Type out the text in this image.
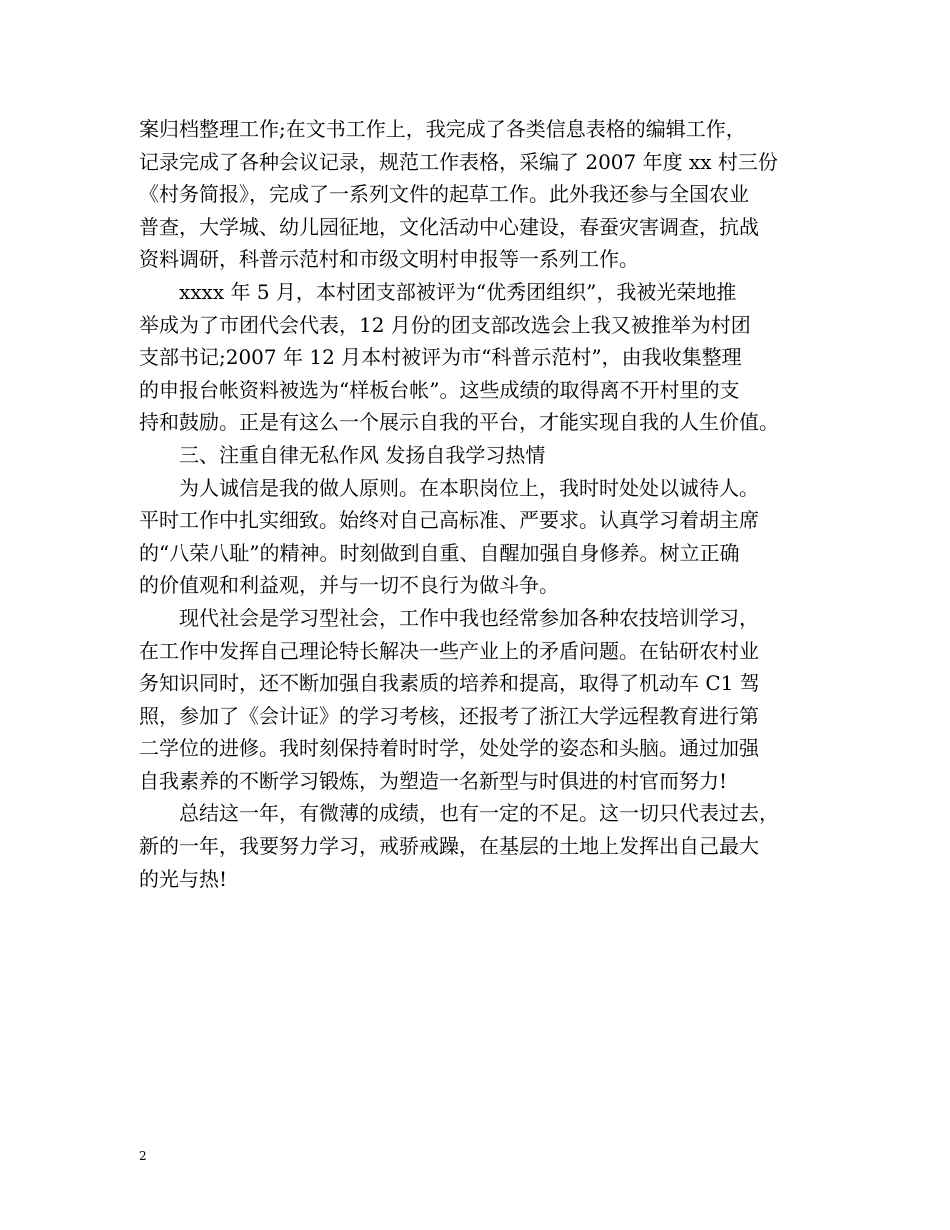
案归档整理工作;在文书工作上，我完成了各类信息表格的编辑工作，
记录完成了各种会议记录，规范工作表格，采编了 2007 年度 xx 村三份
《村务简报》，完成了一系列文件的起草工作。此外我还参与全国农业
普查，大学城、幼儿园征地，文化活动中心建设，春蚕灾害调查，抗战
资料调研，科普示范村和市级文明村申报等一系列工作。
xxxx 年 5 月，本村团支部被评为“优秀团组织”，我被光荣地推
举成为了市团代会代表，12 月份的团支部改选会上我又被推举为村团
支部书记;2007 年 12 月本村被评为市“科普示范村”，由我收集整理
的申报台帐资料被选为“样板台帐”。这些成绩的取得离不开村里的支
持和鼓励。正是有这么一个展示自我的平台，才能实现自我的人生价值。
三、注重自律无私作风 发扬自我学习热情
为人诚信是我的做人原则。在本职岗位上，我时时处处以诚待人。
平时工作中扎实细致。始终对自己高标准、严要求。认真学习着胡主席
的“八荣八耻”的精神。时刻做到自重、自醒加强自身修养。树立正确
的价值观和利益观，并与一切不良行为做斗争。
现代社会是学习型社会，工作中我也经常参加各种农技培训学习，
在工作中发挥自己理论特长解决一些产业上的矛盾问题。在钻研农村业
务知识同时，还不断加强自我素质的培养和提高，取得了机动车 C1 驾
照，参加了《会计证》的学习考核，还报考了浙江大学远程教育进行第
二学位的进修。我时刻保持着时时学，处处学的姿态和头脑。通过加强
自我素养的不断学习锻炼，为塑造一名新型与时俱进的村官而努力!
总结这一年，有微薄的成绩，也有一定的不足。这一切只代表过去，
新的一年，我要努力学习，戒骄戒躁，在基层的土地上发挥出自己最大
的光与热!
2
